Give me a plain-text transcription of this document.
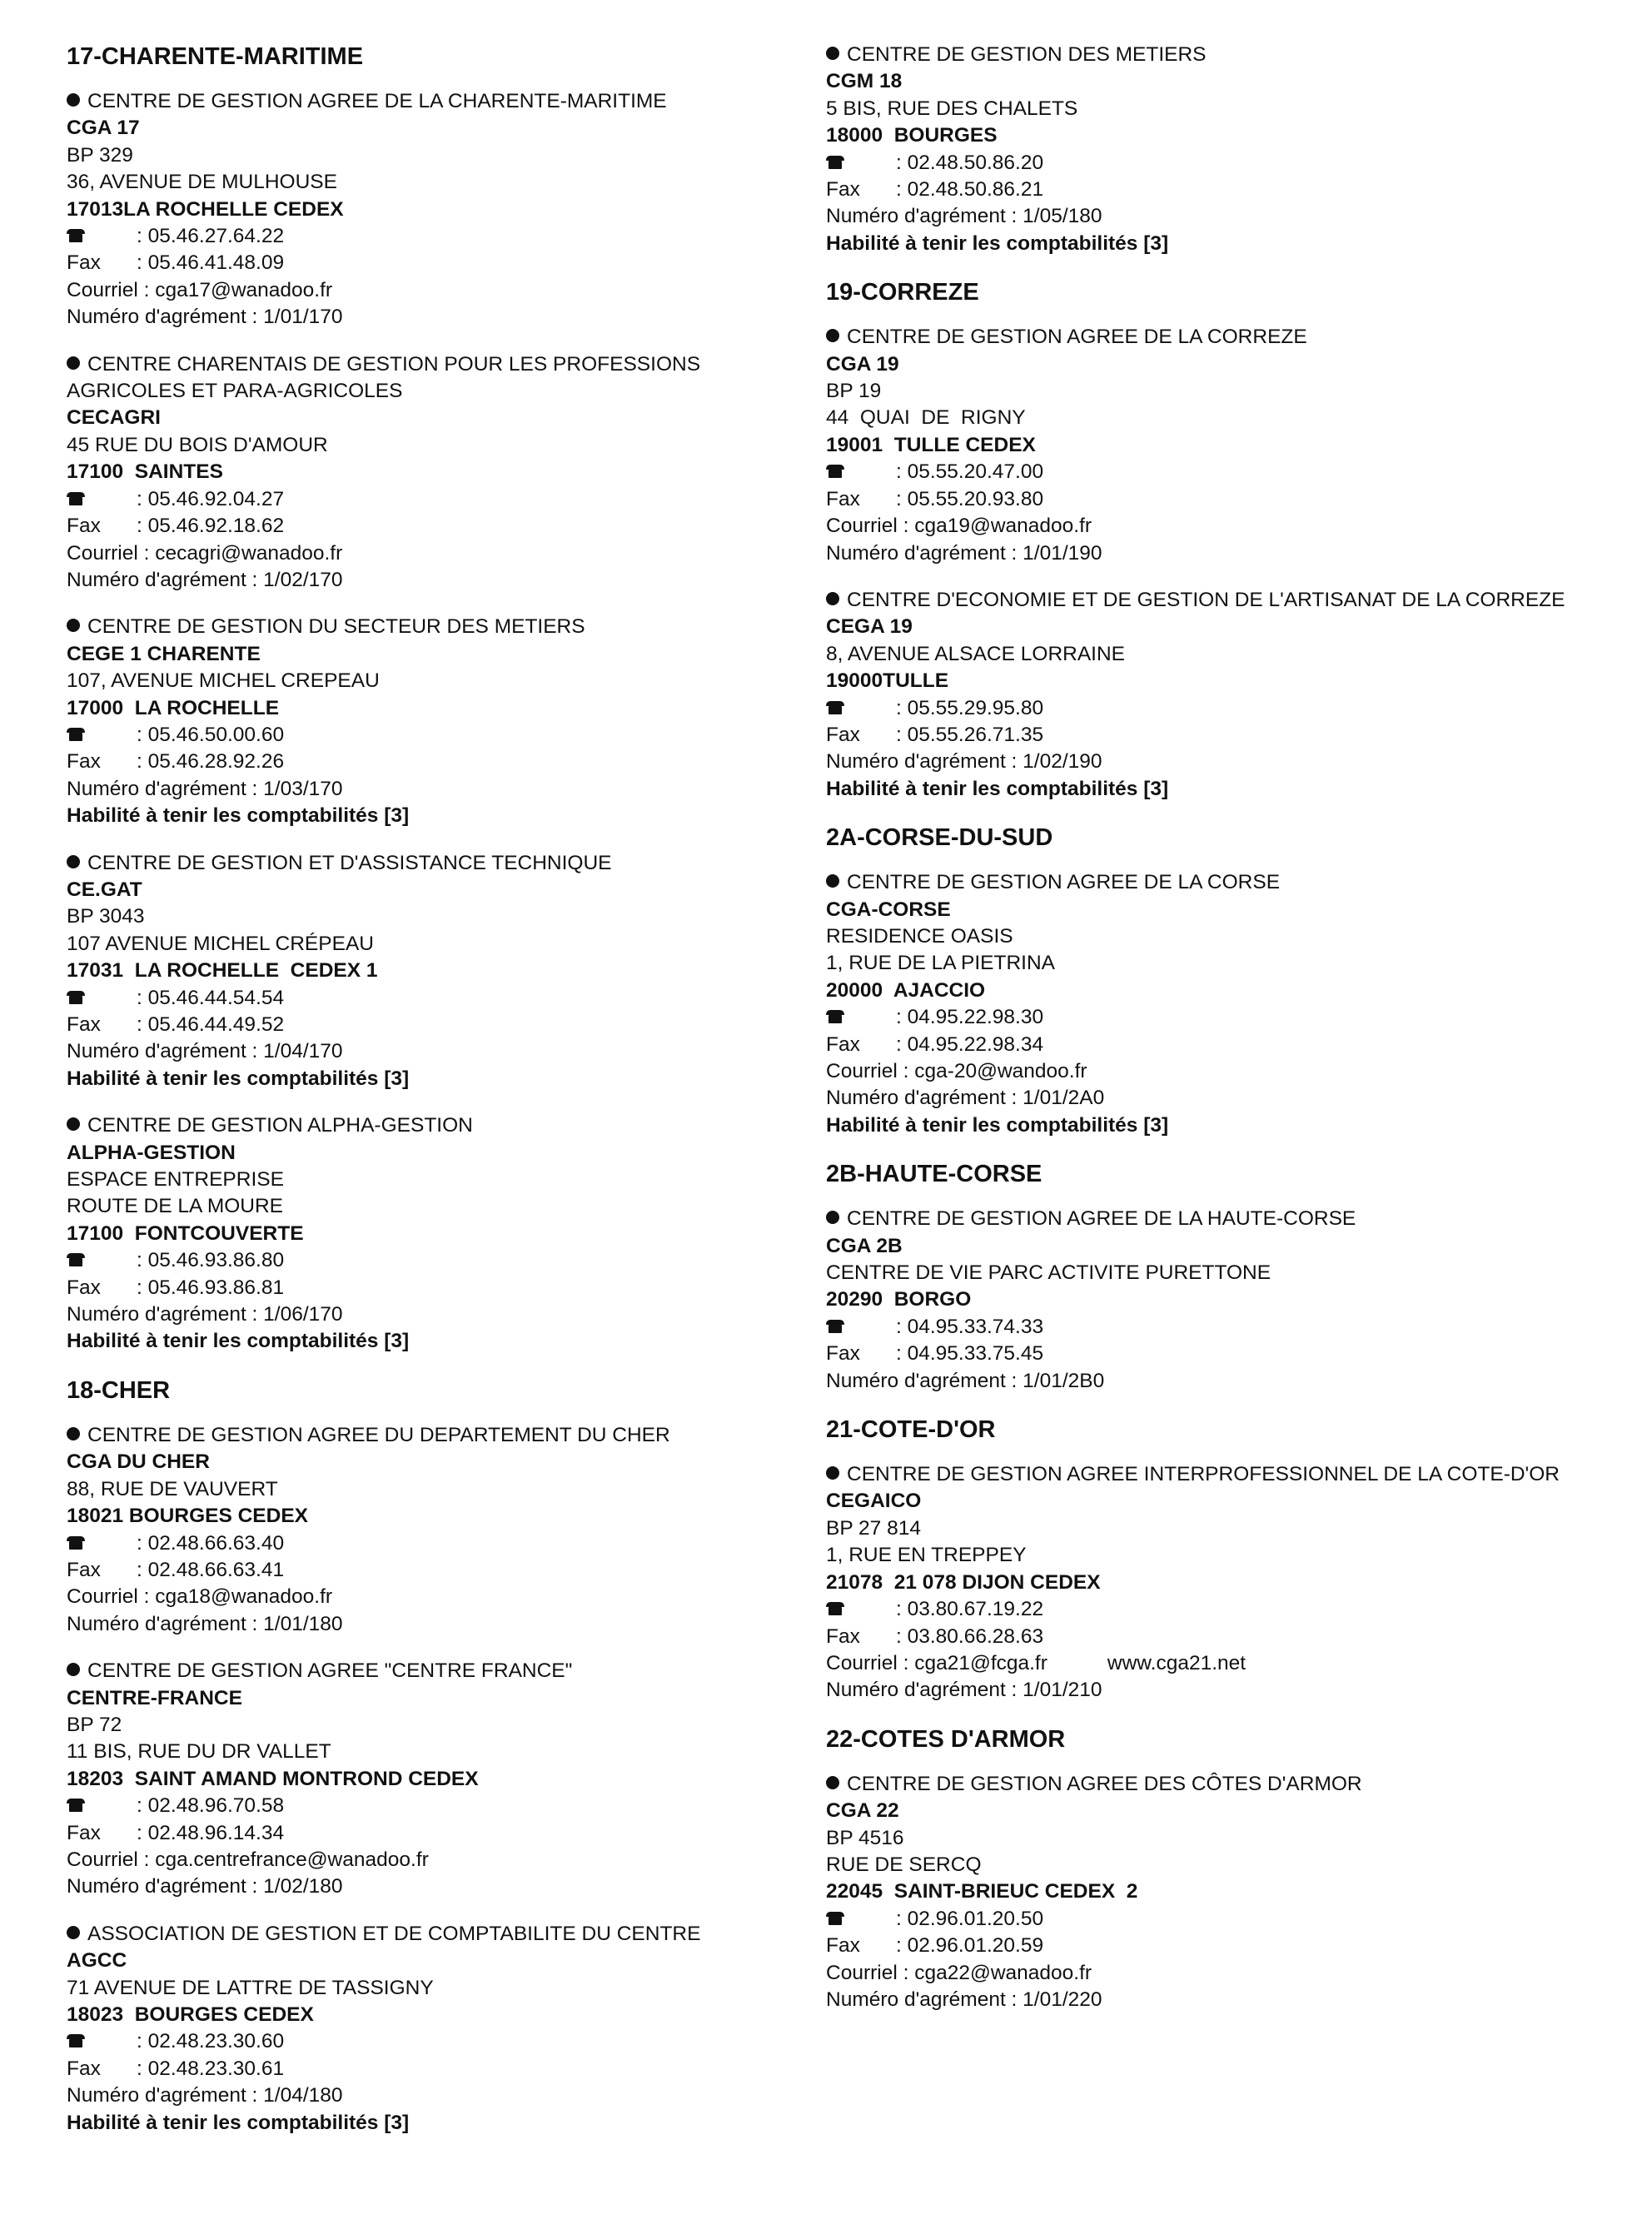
17-CHARENTE-MARITIME
CENTRE DE GESTION AGREE DE LA CHARENTE-MARITIME
CGA 17
BP 329
36, AVENUE DE MULHOUSE
17013LA ROCHELLE CEDEX
: 05.46.27.64.22
Fax : 05.46.41.48.09
Courriel : cga17@wanadoo.fr
Numéro d'agrément : 1/01/170
CENTRE CHARENTAIS DE GESTION POUR LES PROFESSIONS AGRICOLES ET PARA-AGRICOLES
CECAGRI
45 RUE DU BOIS D'AMOUR
17100  SAINTES
: 05.46.92.04.27
Fax : 05.46.92.18.62
Courriel : cecagri@wanadoo.fr
Numéro d'agrément : 1/02/170
CENTRE DE GESTION DU SECTEUR DES METIERS
CEGE 1 CHARENTE
107, AVENUE MICHEL CREPEAU
17000  LA ROCHELLE
: 05.46.50.00.60
Fax : 05.46.28.92.26
Numéro d'agrément : 1/03/170
Habilité à tenir les comptabilités [3]
CENTRE DE GESTION ET D'ASSISTANCE TECHNIQUE
CE.GAT
BP 3043
107 AVENUE MICHEL CRÉPEAU
17031  LA ROCHELLE  CEDEX 1
: 05.46.44.54.54
Fax : 05.46.44.49.52
Numéro d'agrément : 1/04/170
Habilité à tenir les comptabilités [3]
CENTRE DE GESTION ALPHA-GESTION
ALPHA-GESTION
ESPACE ENTREPRISE
ROUTE DE LA MOURE
17100  FONTCOUVERTE
: 05.46.93.86.80
Fax : 05.46.93.86.81
Numéro d'agrément : 1/06/170
Habilité à tenir les comptabilités [3]
18-CHER
CENTRE DE GESTION AGREE DU DEPARTEMENT DU CHER
CGA DU CHER
88, RUE DE VAUVERT
18021 BOURGES CEDEX
: 02.48.66.63.40
Fax : 02.48.66.63.41
Courriel : cga18@wanadoo.fr
Numéro d'agrément : 1/01/180
CENTRE DE GESTION AGREE "CENTRE FRANCE"
CENTRE-FRANCE
BP 72
11 BIS, RUE DU DR VALLET
18203  SAINT AMAND MONTROND CEDEX
: 02.48.96.70.58
Fax : 02.48.96.14.34
Courriel : cga.centrefrance@wanadoo.fr
Numéro d'agrément : 1/02/180
ASSOCIATION DE GESTION ET DE COMPTABILITE DU CENTRE
AGCC
71 AVENUE DE LATTRE DE TASSIGNY
18023  BOURGES CEDEX
: 02.48.23.30.60
Fax : 02.48.23.30.61
Numéro d'agrément : 1/04/180
Habilité à tenir les comptabilités [3]
CENTRE DE GESTION DES METIERS
CGM 18
5 BIS, RUE DES CHALETS
18000  BOURGES
: 02.48.50.86.20
Fax : 02.48.50.86.21
Numéro d'agrément : 1/05/180
Habilité à tenir les comptabilités [3]
19-CORREZE
CENTRE DE GESTION AGREE DE LA CORREZE
CGA 19
BP 19
44  QUAI  DE  RIGNY
19001  TULLE CEDEX
: 05.55.20.47.00
Fax : 05.55.20.93.80
Courriel : cga19@wanadoo.fr
Numéro d'agrément : 1/01/190
CENTRE D'ECONOMIE ET DE GESTION DE L'ARTISANAT DE LA CORREZE
CEGA 19
8, AVENUE ALSACE LORRAINE
19000TULLE
: 05.55.29.95.80
Fax : 05.55.26.71.35
Numéro d'agrément : 1/02/190
Habilité à tenir les comptabilités [3]
2A-CORSE-DU-SUD
CENTRE DE GESTION AGREE DE LA CORSE
CGA-CORSE
RESIDENCE OASIS
1, RUE DE LA PIETRINA
20000  AJACCIO
: 04.95.22.98.30
Fax : 04.95.22.98.34
Courriel : cga-20@wandoo.fr
Numéro d'agrément : 1/01/2A0
Habilité à tenir les comptabilités [3]
2B-HAUTE-CORSE
CENTRE DE GESTION AGREE DE LA HAUTE-CORSE
CGA 2B
CENTRE DE VIE PARC ACTIVITE PURETTONE
20290  BORGO
: 04.95.33.74.33
Fax : 04.95.33.75.45
Numéro d'agrément : 1/01/2B0
21-COTE-D'OR
CENTRE DE GESTION AGREE INTERPROFESSIONNEL DE LA COTE-D'OR
CEGAICO
BP 27 814
1, RUE EN TREPPEY
21078  21 078 DIJON CEDEX
: 03.80.67.19.22
Fax : 03.80.66.28.63
Courriel : cga21@fcga.fr	www.cga21.net
Numéro d'agrément : 1/01/210
22-COTES D'ARMOR
CENTRE DE GESTION AGREE DES CÔTES D'ARMOR
CGA 22
BP 4516
RUE DE SERCQ
22045  SAINT-BRIEUC CEDEX  2
: 02.96.01.20.50
Fax : 02.96.01.20.59
Courriel : cga22@wanadoo.fr
Numéro d'agrément : 1/01/220
